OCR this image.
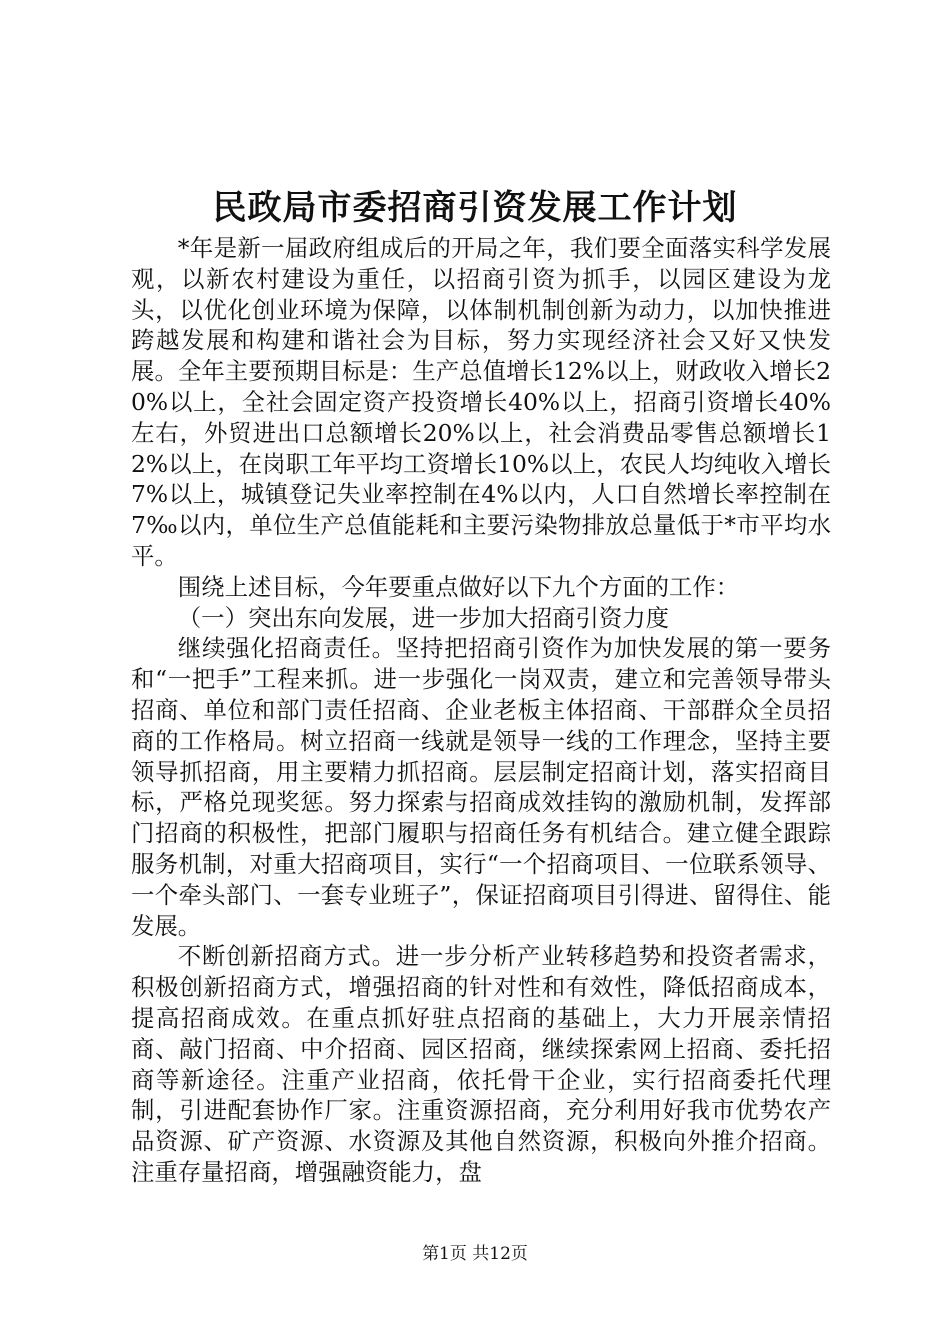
民政局市委招商引资发展工作计划

*年是新一届政府组成后的开局之年，我们要全面落实科学发展观，以新农村建设为重任，以招商引资为抓手，以园区建设为龙头，以优化创业环境为保障，以体制机制创新为动力，以加快推进跨越发展和构建和谐社会为目标，努力实现经济社会又好又快发展。全年主要预期目标是：生产总值增长12%以上，财政收入增长20%以上，全社会固定资产投资增长40%以上，招商引资增长40%左右，外贸进出口总额增长20%以上，社会消费品零售总额增长12%以上，在岗职工年平均工资增长10%以上，农民人均纯收入增长7%以上，城镇登记失业率控制在4%以内，人口自然增长率控制在7‰以内，单位生产总值能耗和主要污染物排放总量低于*市平均水平。

围绕上述目标，今年要重点做好以下九个方面的工作：

（一）突出东向发展，进一步加大招商引资力度

继续强化招商责任。坚持把招商引资作为加快发展的第一要务和“一把手”工程来抓。进一步强化一岗双责，建立和完善领导带头招商、单位和部门责任招商、企业老板主体招商、干部群众全员招商的工作格局。树立招商一线就是领导一线的工作理念，坚持主要领导抓招商，用主要精力抓招商。层层制定招商计划，落实招商目标，严格兑现奖惩。努力探索与招商成效挂钩的激励机制，发挥部门招商的积极性，把部门履职与招商任务有机结合。建立健全跟踪服务机制，对重大招商项目，实行“一个招商项目、一位联系领导、一个牵头部门、一套专业班子”，保证招商项目引得进、留得住、能发展。

不断创新招商方式。进一步分析产业转移趋势和投资者需求，积极创新招商方式，增强招商的针对性和有效性，降低招商成本，提高招商成效。在重点抓好驻点招商的基础上，大力开展亲情招商、敲门招商、中介招商、园区招商，继续探索网上招商、委托招商等新途径。注重产业招商，依托骨干企业，实行招商委托代理制，引进配套协作厂家。注重资源招商，充分利用好我市优势农产品资源、矿产资源、水资源及其他自然资源，积极向外推介招商。注重存量招商，增强融资能力，盘

第1页 共12页
